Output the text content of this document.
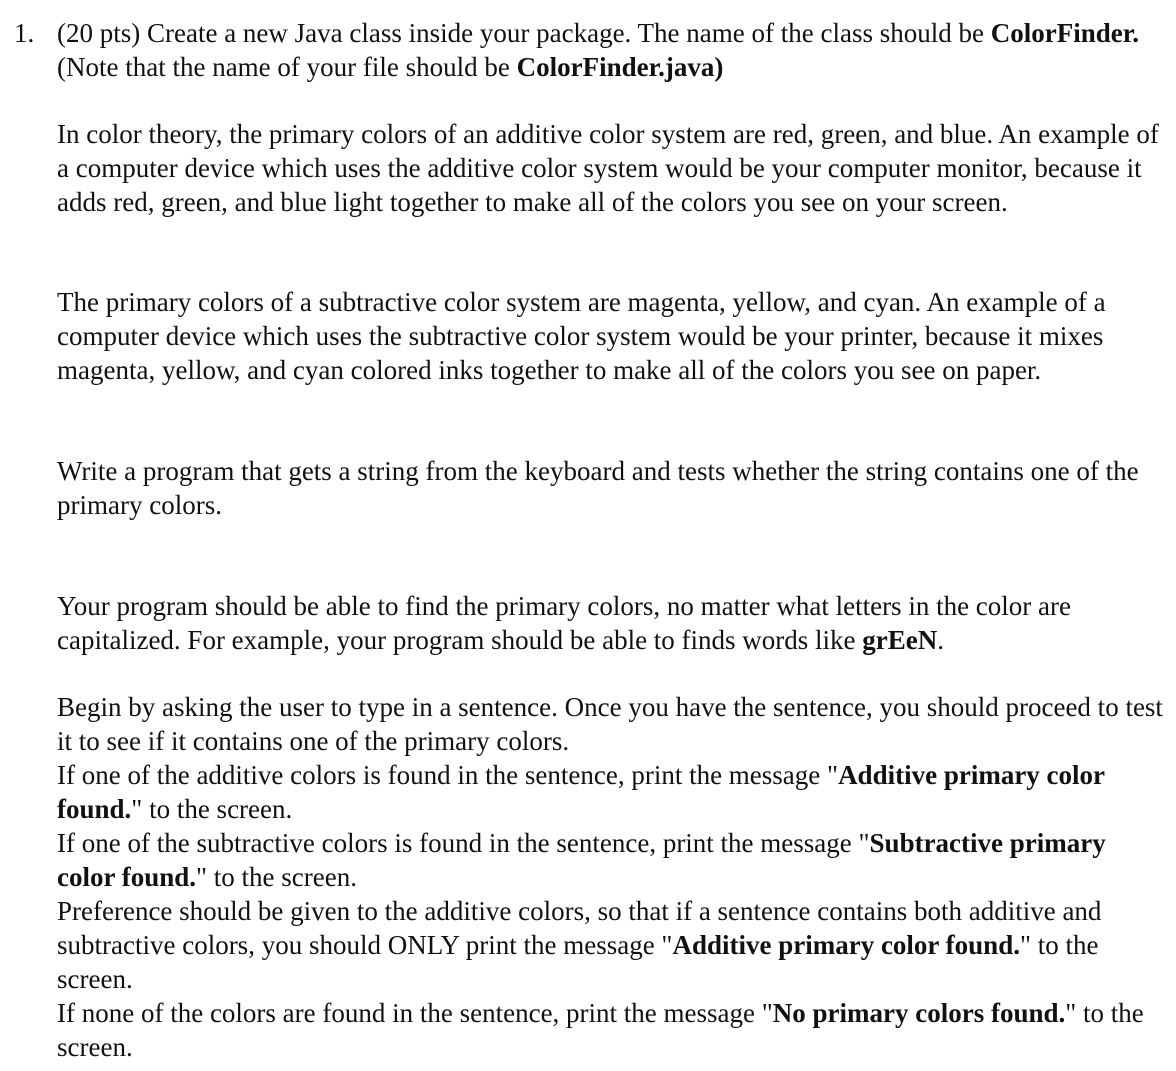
1. (20 pts) Create a new Java class inside your package. The name of the class should be ColorFinder. (Note that the name of your file should be ColorFinder.java)

In color theory, the primary colors of an additive color system are red, green, and blue. An example of a computer device which uses the additive color system would be your computer monitor, because it adds red, green, and blue light together to make all of the colors you see on your screen.

The primary colors of a subtractive color system are magenta, yellow, and cyan. An example of a computer device which uses the subtractive color system would be your printer, because it mixes magenta, yellow, and cyan colored inks together to make all of the colors you see on paper.

Write a program that gets a string from the keyboard and tests whether the string contains one of the primary colors.

Your program should be able to find the primary colors, no matter what letters in the color are capitalized. For example, your program should be able to finds words like grEeN.

Begin by asking the user to type in a sentence. Once you have the sentence, you should proceed to test it to see if it contains one of the primary colors.
If one of the additive colors is found in the sentence, print the message "Additive primary color found." to the screen.
If one of the subtractive colors is found in the sentence, print the message "Subtractive primary color found." to the screen.
Preference should be given to the additive colors, so that if a sentence contains both additive and subtractive colors, you should ONLY print the message "Additive primary color found." to the screen.
If none of the colors are found in the sentence, print the message "No primary colors found." to the screen.
